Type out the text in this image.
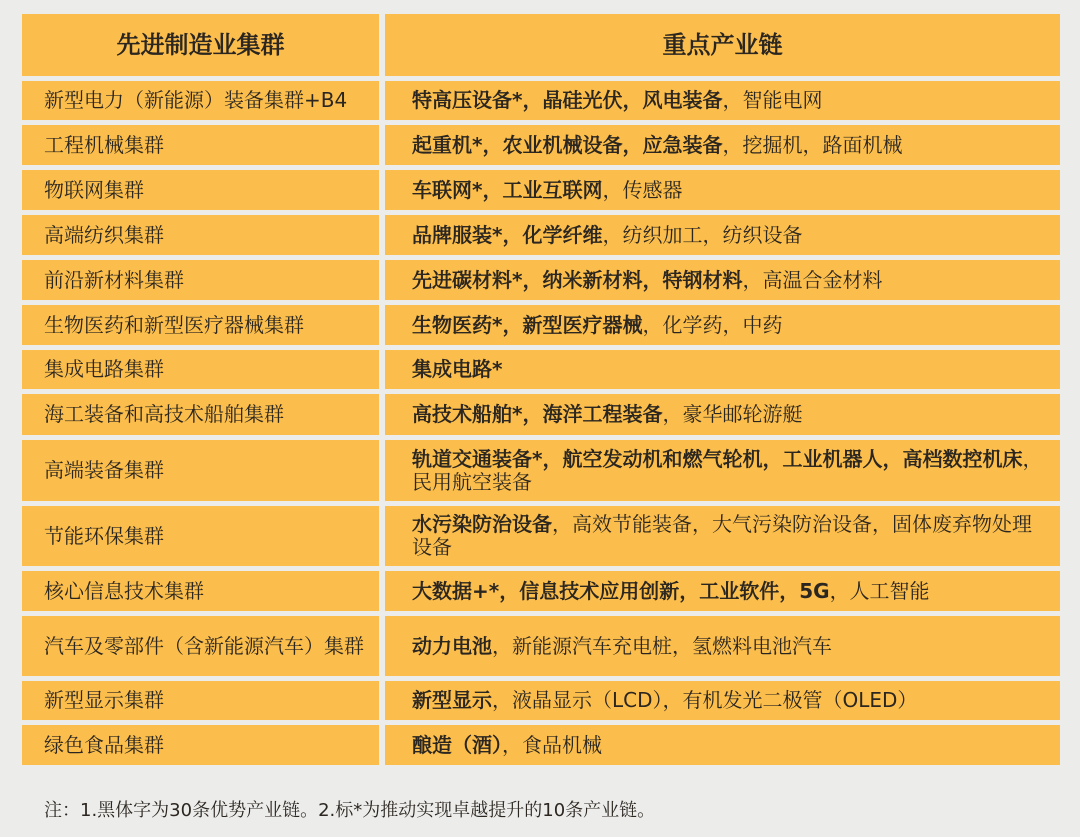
先进制造业集群	重点产业链
新型电力（新能源）装备集群+B4	特高压设备*，晶硅光伏，风电装备，智能电网
工程机械集群	起重机*，农业机械设备，应急装备，挖掘机，路面机械
物联网集群	车联网*，工业互联网，传感器
高端纺织集群	品牌服装*，化学纤维，纺织加工，纺织设备
前沿新材料集群	先进碳材料*，纳米新材料，特钢材料，高温合金材料
生物医药和新型医疗器械集群	生物医药*，新型医疗器械，化学药，中药
集成电路集群	集成电路*
海工装备和高技术船舶集群	高技术船舶*，海洋工程装备，豪华邮轮游艇
高端装备集群	轨道交通装备*，航空发动机和燃气轮机，工业机器人，高档数控机床，民用航空装备
节能环保集群	水污染防治设备，高效节能装备，大气污染防治设备，固体废弃物处理设备
核心信息技术集群	大数据+*，信息技术应用创新，工业软件，5G，人工智能
汽车及零部件（含新能源汽车）集群	动力电池，新能源汽车充电桩，氢燃料电池汽车
新型显示集群	新型显示，液晶显示（LCD），有机发光二极管（OLED）
绿色食品集群	酿造（酒），食品机械
注：1.黑体字为30条优势产业链。2.标*为推动实现卓越提升的10条产业链。
